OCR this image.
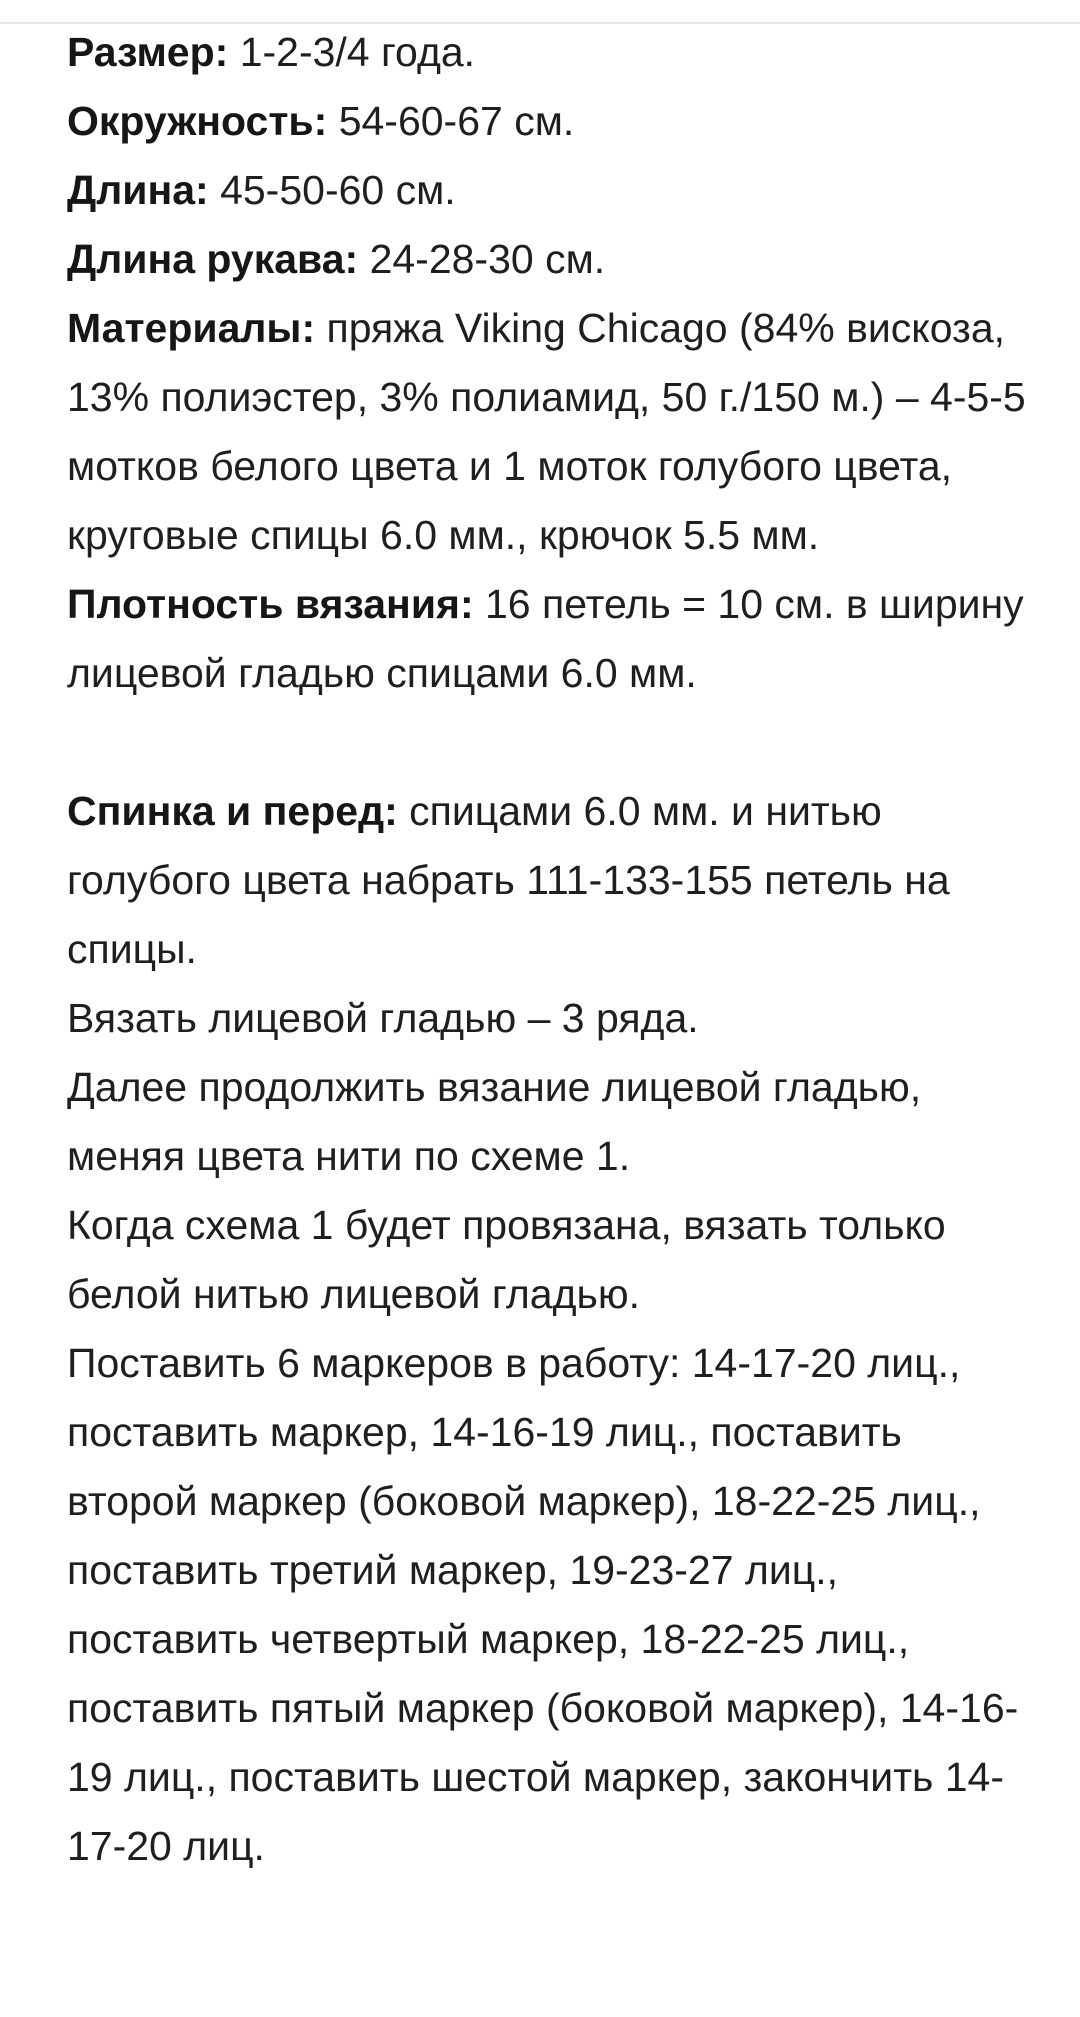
Размер: 1-2-3/4 года.

Окружность: 54-60-67 см.

Длина: 45-50-60 см.

Длина рукава: 24-28-30 см.

Материалы: пряжа Viking Chicago (84% вискоза, 13% полиэстер, 3% полиамид, 50 г./150 м.) – 4-5-5 мотков белого цвета и 1 моток голубого цвета, круговые спицы 6.0 мм., крючок 5.5 мм.

Плотность вязания: 16 петель = 10 см. в ширину лицевой гладью спицами 6.0 мм.

Спинка и перед: спицами 6.0 мм. и нитью голубого цвета набрать 111-133-155 петель на спицы.

Вязать лицевой гладью – 3 ряда.

Далее продолжить вязание лицевой гладью, меняя цвета нити по схеме 1.

Когда схема 1 будет провязана, вязать только белой нитью лицевой гладью.

Поставить 6 маркеров в работу: 14-17-20 лиц., поставить маркер, 14-16-19 лиц., поставить второй маркер (боковой маркер), 18-22-25 лиц., поставить третий маркер, 19-23-27 лиц., поставить четвертый маркер, 18-22-25 лиц., поставить пятый маркер (боковой маркер), 14-16-19 лиц., поставить шестой маркер, закончить 14-17-20 лиц.
